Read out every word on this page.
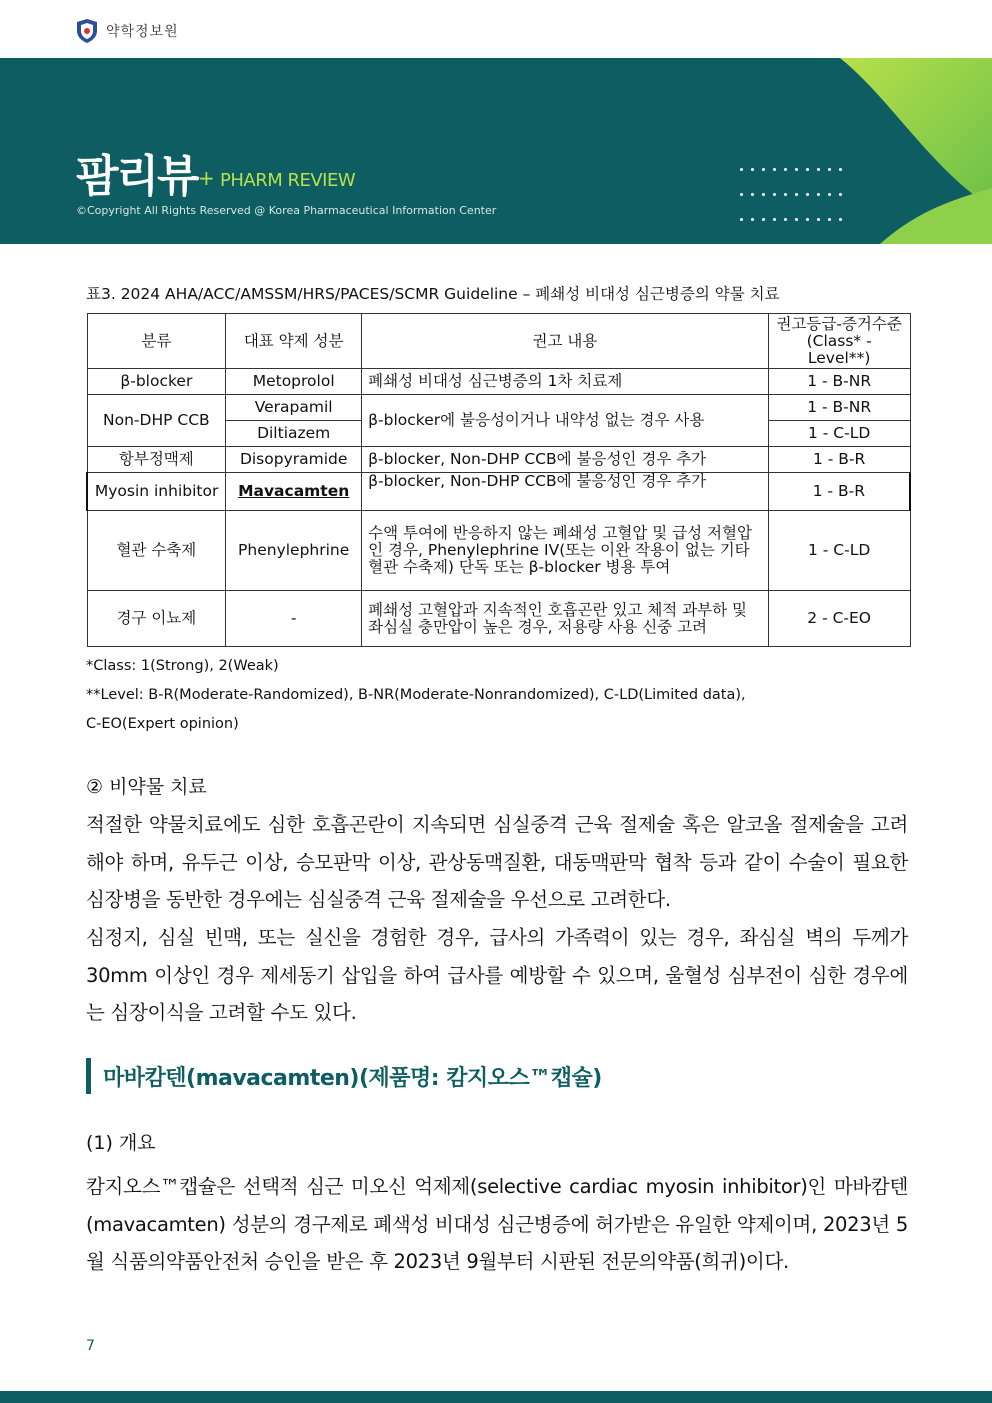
약학정보원
팜리뷰 + PHARM REVIEW
©Copyright All Rights Reserved @ Korea Pharmaceutical Information Center
표3. 2024 AHA/ACC/AMSSM/HRS/PACES/SCMR Guideline – 폐쇄성 비대성 심근병증의 약물 치료
분류	대표 약제 성분	권고 내용	권고등급-증거수준 (Class* - Level**)
β-blocker	Metoprolol	폐쇄성 비대성 심근병증의 1차 치료제	1 - B-NR
Non-DHP CCB	Verapamil	β-blocker에 불응성이거나 내약성 없는 경우 사용	1 - B-NR
	Diltiazem		1 - C-LD
항부정맥제	Disopyramide	β-blocker, Non-DHP CCB에 불응성인 경우 추가	1 - B-R
Myosin inhibitor	Mavacamten	β-blocker, Non-DHP CCB에 불응성인 경우 추가	1 - B-R
혈관 수축제	Phenylephrine	수액 투여에 반응하지 않는 폐쇄성 고혈압 및 급성 저혈압인 경우, Phenylephrine IV(또는 이완 작용이 없는 기타 혈관 수축제) 단독 또는 β-blocker 병용 투여	1 - C-LD
경구 이뇨제	-	폐쇄성 고혈압과 지속적인 호흡곤란 있고 체적 과부하 및 좌심실 충만압이 높은 경우, 저용량 사용 신중 고려	2 - C-EO
*Class: 1(Strong), 2(Weak)
**Level: B-R(Moderate-Randomized), B-NR(Moderate-Nonrandomized), C-LD(Limited data),
C-EO(Expert opinion)
② 비약물 치료
적절한 약물치료에도 심한 호흡곤란이 지속되면 심실중격 근육 절제술 혹은 알코올 절제술을 고려해야 하며, 유두근 이상, 승모판막 이상, 관상동맥질환, 대동맥판막 협착 등과 같이 수술이 필요한 심장병을 동반한 경우에는 심실중격 근육 절제술을 우선으로 고려한다.
심정지, 심실 빈맥, 또는 실신을 경험한 경우, 급사의 가족력이 있는 경우, 좌심실 벽의 두께가 30mm 이상인 경우 제세동기 삽입을 하여 급사를 예방할 수 있으며, 울혈성 심부전이 심한 경우에는 심장이식을 고려할 수도 있다.
마바캄텐(mavacamten)(제품명: 캄지오스™캡슐)
(1) 개요
캄지오스™캡슐은 선택적 심근 미오신 억제제(selective cardiac myosin inhibitor)인 마바캄텐(mavacamten) 성분의 경구제로 폐색성 비대성 심근병증에 허가받은 유일한 약제이며, 2023년 5월 식품의약품안전처 승인을 받은 후 2023년 9월부터 시판된 전문의약품(희귀)이다.
7
